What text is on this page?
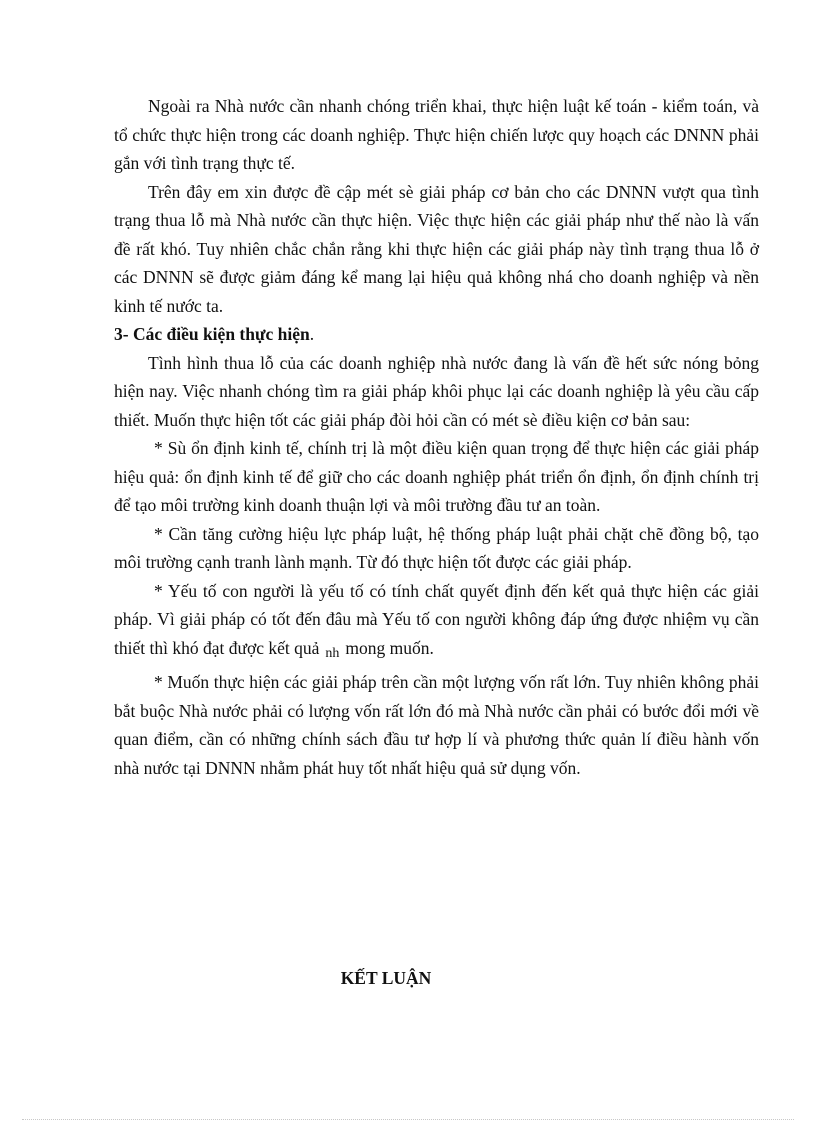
Ngoài ra Nhà nước cần nhanh chóng triển khai, thực hiện luật kế toán - kiểm toán, và tổ chức thực hiện trong các doanh nghiệp. Thực hiện chiến lược quy hoạch các DNNN phải gắn với tình trạng thực tế.

Trên đây em xin được đề cập mét sè giải pháp cơ bản cho các DNNN vượt qua tình trạng thua lỗ mà Nhà nước cần thực hiện. Việc thực hiện các giải pháp như thế nào là vấn đề rất khó. Tuy nhiên chắc chắn rằng khi thực hiện các giải pháp này tình trạng thua lỗ ở các DNNN sẽ được giảm đáng kể mang lại hiệu quả không nhá cho doanh nghiệp và nền kinh tế nước ta.

3- Các điều kiện thực hiện.

Tình hình thua lỗ của các doanh nghiệp nhà nước đang là vấn đề hết sức nóng bỏng hiện nay. Việc nhanh chóng tìm ra giải pháp khôi phục lại các doanh nghiệp là yêu cầu cấp thiết. Muốn thực hiện tốt các giải pháp đòi hỏi cần có mét sè điều kiện cơ bản sau:

* Sù ổn định kinh tế, chính trị là một điều kiện quan trọng để thực hiện các giải pháp hiệu quả: ổn định kinh tế để giữ cho các doanh nghiệp phát triển ổn định, ổn định chính trị để tạo môi trường kinh doanh thuận lợi và môi trường đầu tư an toàn.

* Cần tăng cường hiệu lực pháp luật, hệ thống pháp luật phải chặt chẽ đồng bộ, tạo môi trường cạnh tranh lành mạnh. Từ đó thực hiện tốt được các giải pháp.

* Yếu tố con người là yếu tố có tính chất quyết định đến kết quả thực hiện các giải pháp. Vì giải pháp có tốt đến đâu mà Yếu tố con người không đáp ứng được nhiệm vụ cần thiết thì khó đạt được kết quả nh mong muốn.

* Muốn thực hiện các giải pháp trên cần một lượng vốn rất lớn. Tuy nhiên không phải bắt buộc Nhà nước phải có lượng vốn rất lớn đó mà Nhà nước cần phải có bước đổi mới về quan điểm, cần có những chính sách đầu tư hợp lí và phương thức quản lí điều hành vốn nhà nước tại DNNN nhằm phát huy tốt nhất hiệu quả sử dụng vốn.

KẾT LUẬN
